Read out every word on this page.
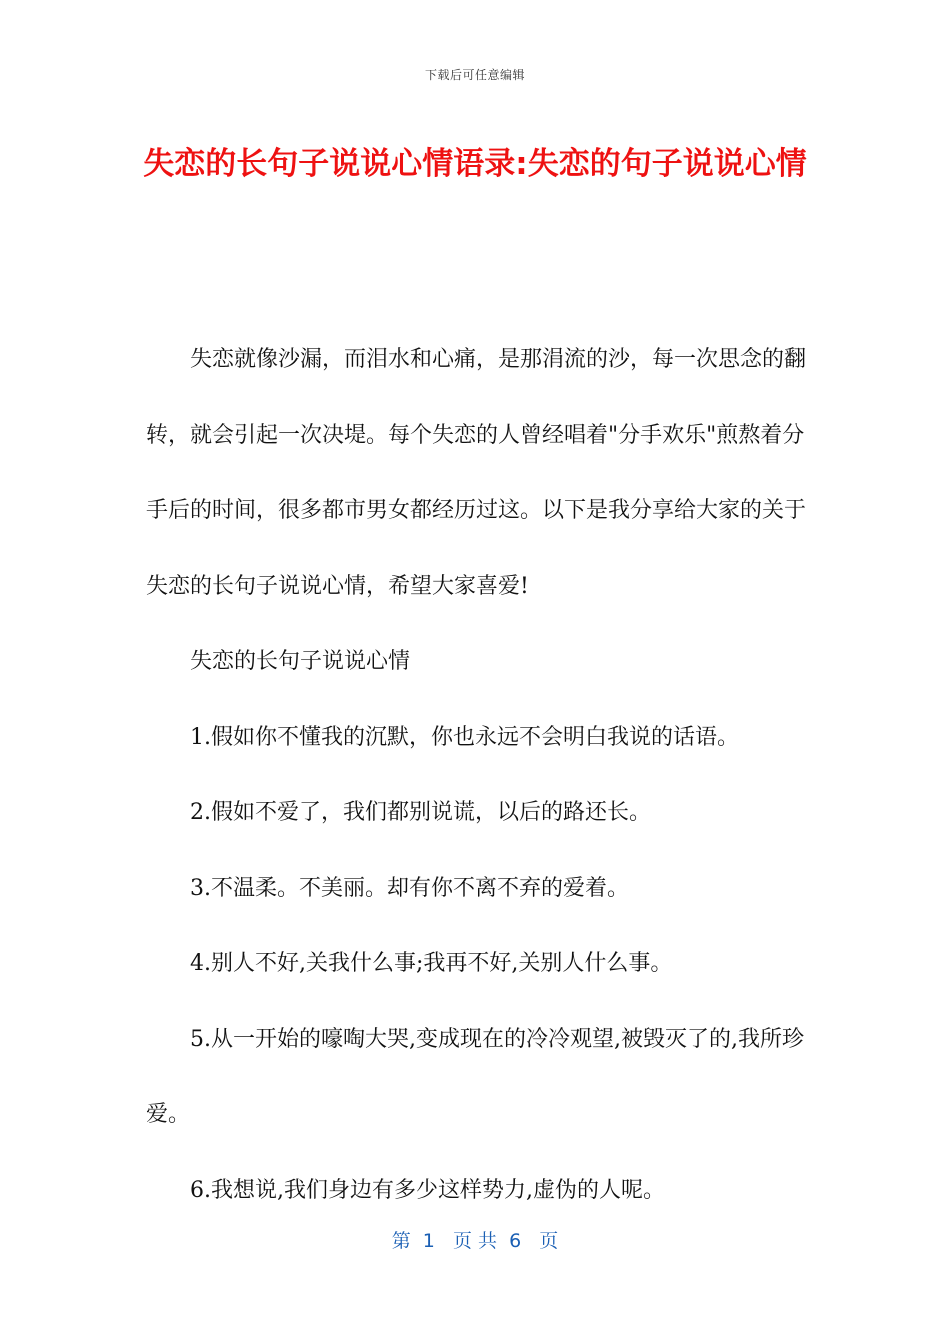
下载后可任意编辑
失恋的长句子说说心情语录:失恋的句子说说心情

失恋就像沙漏，而泪水和心痛，是那涓流的沙，每一次思念的翻转，就会引起一次决堤。每个失恋的人曾经唱着"分手欢乐"煎熬着分手后的时间，很多都市男女都经历过这。以下是我分享给大家的关于失恋的长句子说说心情，希望大家喜爱!

失恋的长句子说说心情

1.假如你不懂我的沉默，你也永远不会明白我说的话语。

2.假如不爱了，我们都别说谎，以后的路还长。

3.不温柔。不美丽。却有你不离不弃的爱着。

4.别人不好,关我什么事;我再不好,关别人什么事。

5.从一开始的嚎啕大哭,变成现在的冷冷观望,被毁灭了的,我所珍爱。

6.我想说,我们身边有多少这样势力,虚伪的人呢。

第  1   页 共  6   页
